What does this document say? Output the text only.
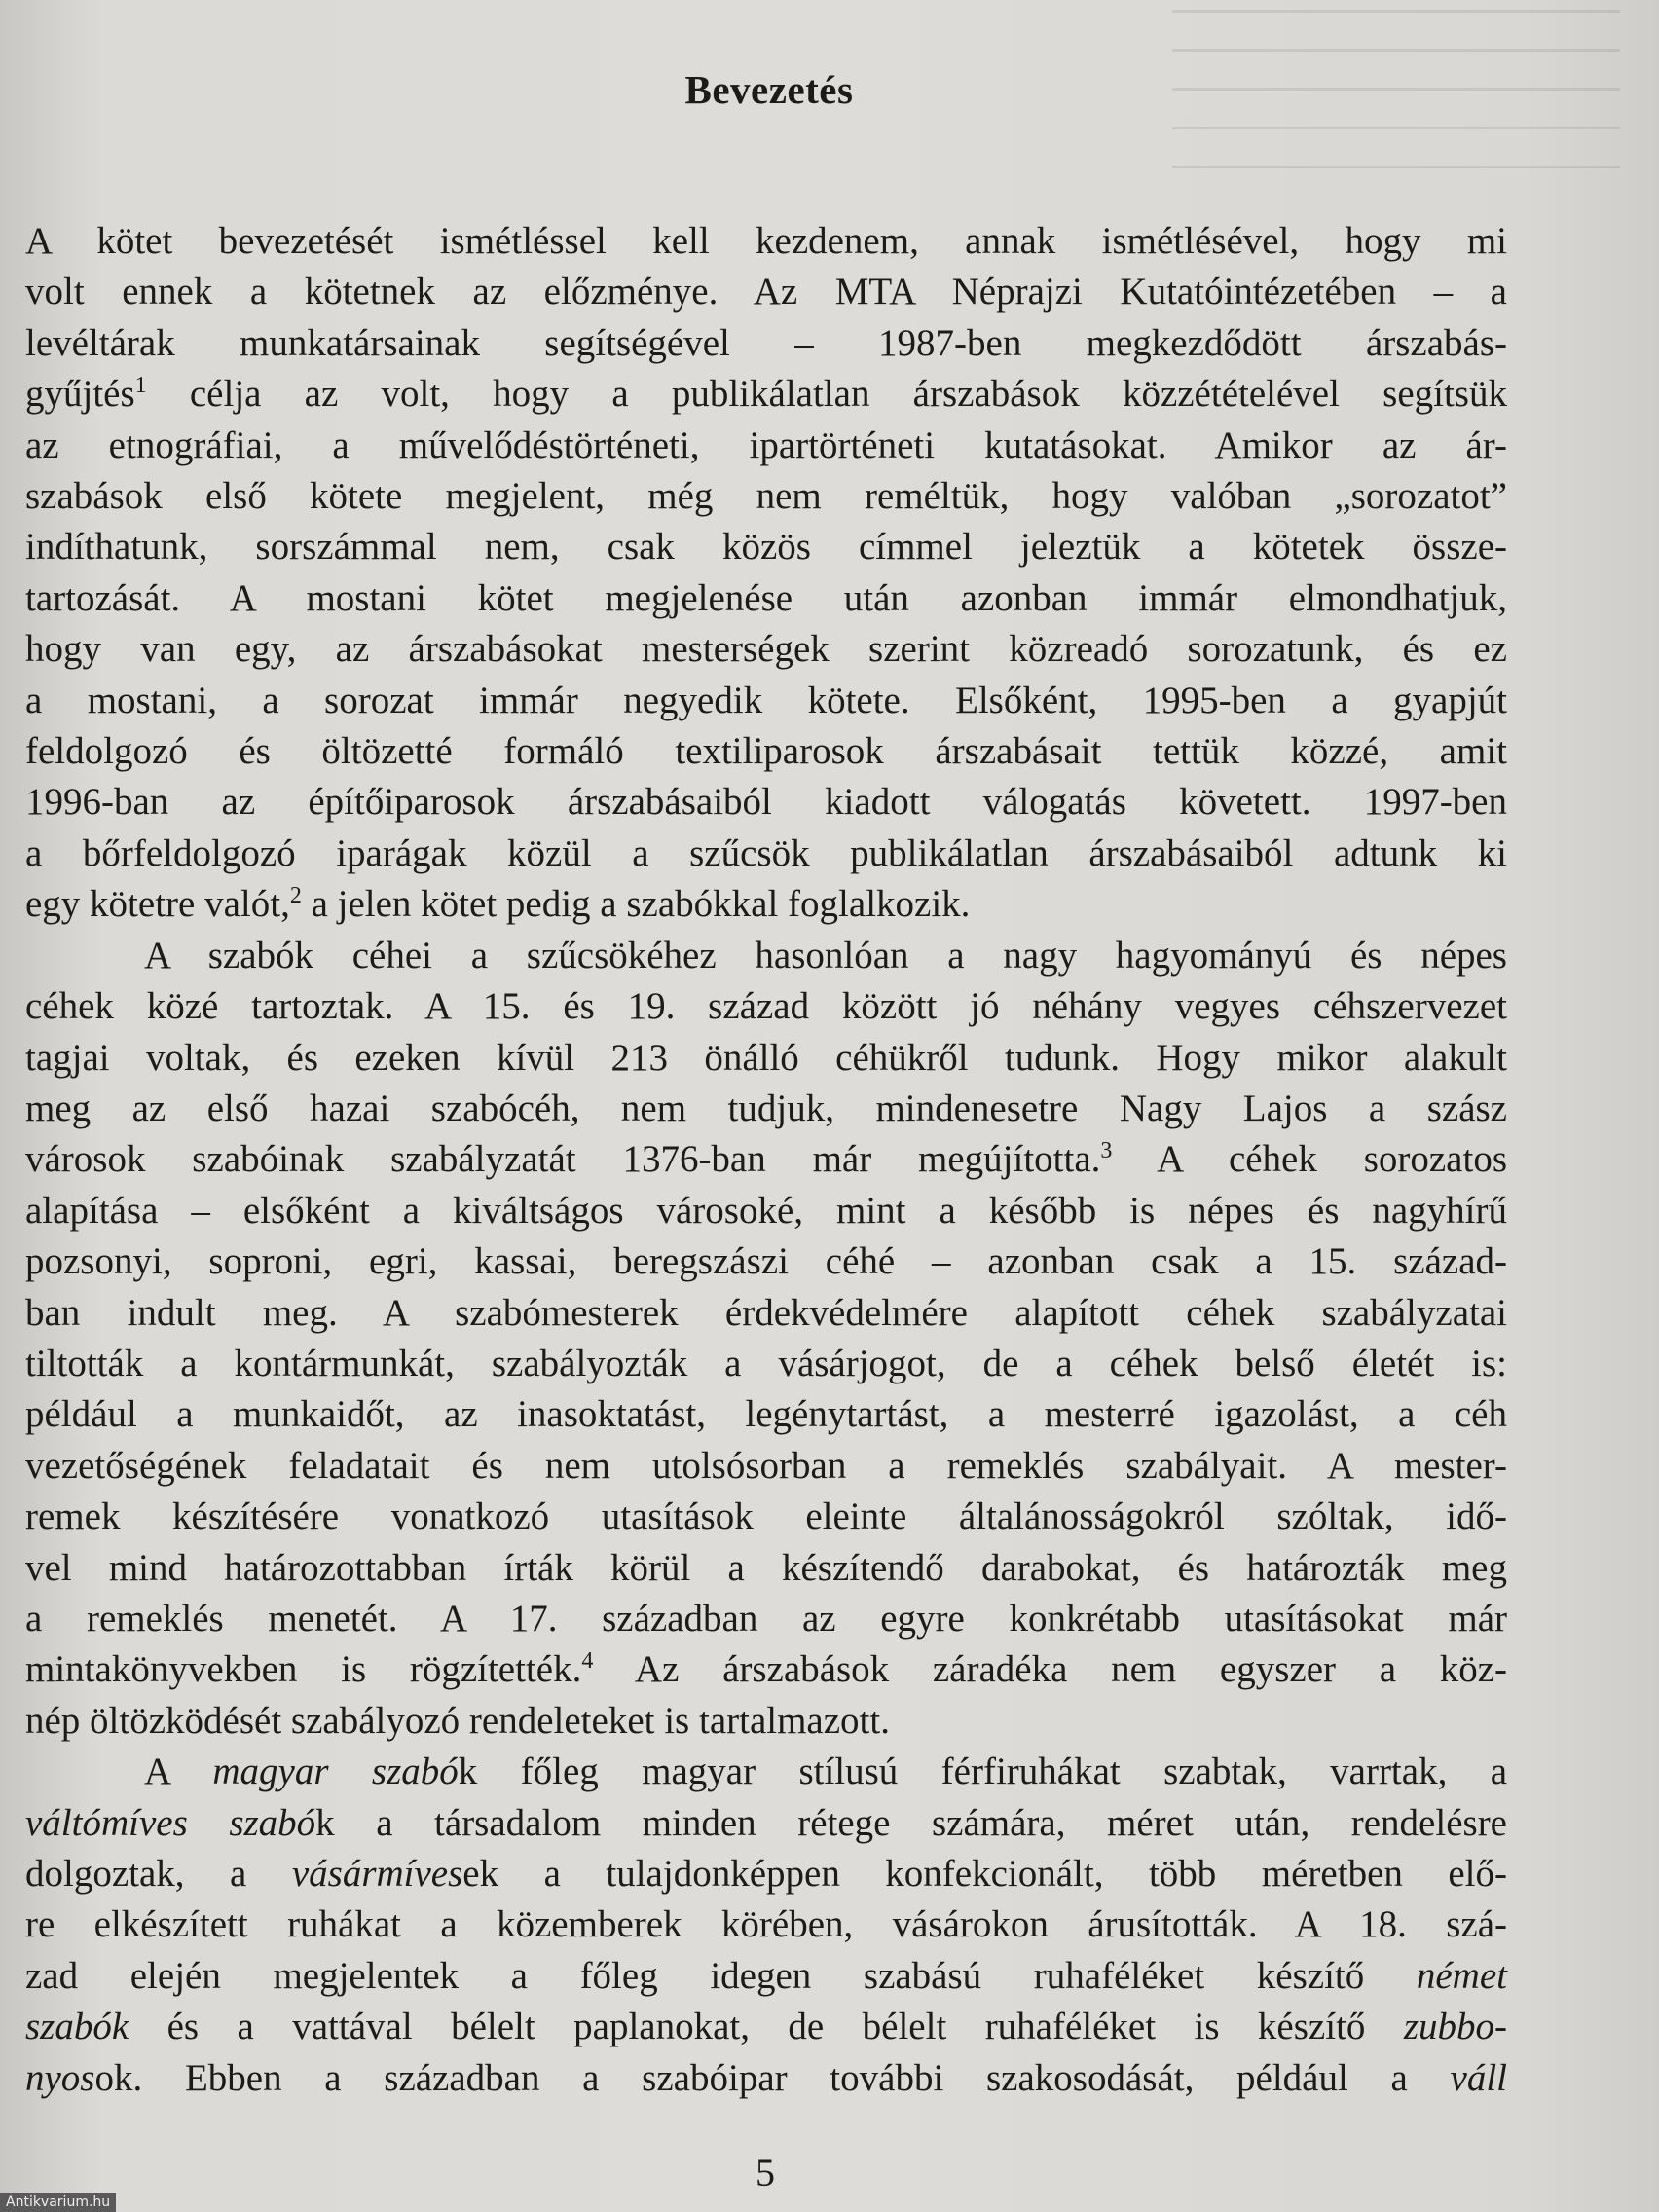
Bevezetés
A kötet bevezetését ismétléssel kell kezdenem, annak ismétlésével, hogy mi
volt ennek a kötetnek az előzménye. Az MTA Néprajzi Kutatóintézetében – a
levéltárak munkatársainak segítségével – 1987-ben megkezdődött árszabás-
gyűjtés$^1$ célja az volt, hogy a publikálatlan árszabások közzétételével segítsük
az etnográfiai, a művelődéstörténeti, ipartörténeti kutatásokat. Amikor az ár-
szabások első kötete megjelent, még nem reméltük, hogy valóban „sorozatot”
indíthatunk, sorszámmal nem, csak közös címmel jeleztük a kötetek össze-
tartozását. A mostani kötet megjelenése után azonban immár elmondhatjuk,
hogy van egy, az árszabásokat mesterségek szerint közreadó sorozatunk, és ez
a mostani, a sorozat immár negyedik kötete. Elsőként, 1995-ben a gyapjút
feldolgozó és öltözetté formáló textiliparosok árszabásait tettük közzé, amit
1996-ban az építőiparosok árszabásaiból kiadott válogatás követett. 1997-ben
a bőrfeldolgozó iparágak közül a szűcsök publikálatlan árszabásaiból adtunk ki
egy kötetre valót,$^2$ a jelen kötet pedig a szabókkal foglalkozik.
A szabók céhei a szűcsökéhez hasonlóan a nagy hagyományú és népes
céhek közé tartoztak. A 15. és 19. század között jó néhány vegyes céhszervezet
tagjai voltak, és ezeken kívül 213 önálló céhükről tudunk. Hogy mikor alakult
meg az első hazai szabócéh, nem tudjuk, mindenesetre Nagy Lajos a szász
városok szabóinak szabályzatát 1376-ban már megújította.$^3$ A céhek sorozatos
alapítása – elsőként a kiváltságos városoké, mint a később is népes és nagyhírű
pozsonyi, soproni, egri, kassai, beregszászi céhé – azonban csak a 15. század-
ban indult meg. A szabómesterek érdekvédelmére alapított céhek szabályzatai
tiltották a kontármunkát, szabályozták a vásárjogot, de a céhek belső életét is:
például a munkaidőt, az inasoktatást, legénytartást, a mesterré igazolást, a céh
vezetőségének feladatait és nem utolsósorban a remeklés szabályait. A mester-
remek készítésére vonatkozó utasítások eleinte általánosságokról szóltak, idő-
vel mind határozottabban írták körül a készítendő darabokat, és határozták meg
a remeklés menetét. A 17. században az egyre konkrétabb utasításokat már
mintakönyvekben is rögzítették.$^4$ Az árszabások záradéka nem egyszer a köz-
nép öltözködését szabályozó rendeleteket is tartalmazott.
A magyar szabók főleg magyar stílusú férfiruhákat szabtak, varrtak, a
váltómíves szabók a társadalom minden rétege számára, méret után, rendelésre
dolgoztak, a vásármívesek a tulajdonképpen konfekcionált, több méretben elő-
re elkészített ruhákat a közemberek körében, vásárokon árusították. A 18. szá-
zad elején megjelentek a főleg idegen szabású ruhaféléket készítő német
szabók és a vattával bélelt paplanokat, de bélelt ruhaféléket is készítő zubbo-
nyosok. Ebben a században a szabóipar további szakosodását, például a váll
5
Antikvarium.hu
